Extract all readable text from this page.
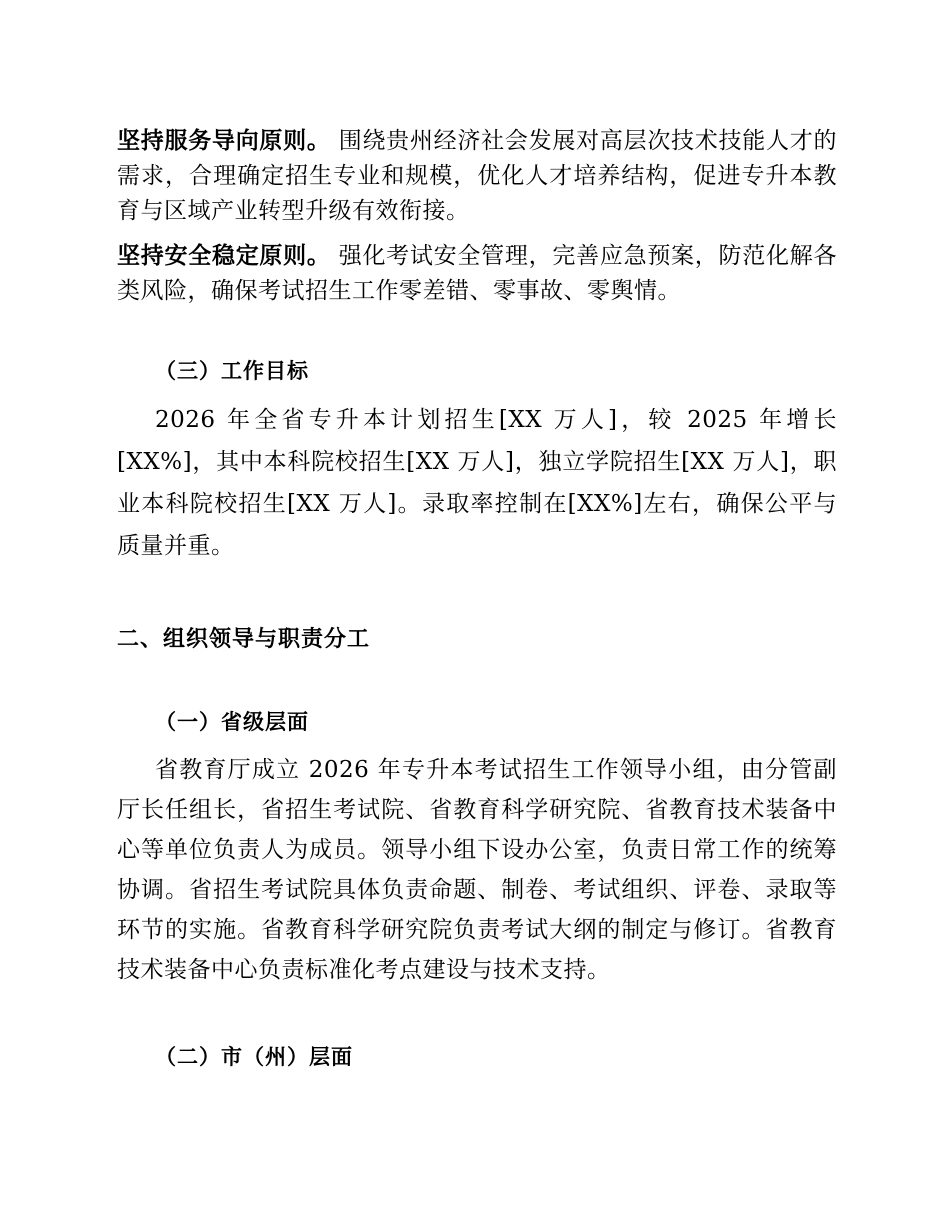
坚持服务导向原则。 围绕贵州经济社会发展对高层次技术技能人才的需求，合理确定招生专业和规模，优化人才培养结构，促进专升本教育与区域产业转型升级有效衔接。

坚持安全稳定原则。 强化考试安全管理，完善应急预案，防范化解各类风险，确保考试招生工作零差错、零事故、零舆情。

（三）工作目标

2026 年全省专升本计划招生[XX 万人]，较 2025 年增长[XX%]，其中本科院校招生[XX 万人]，独立学院招生[XX 万人]，职业本科院校招生[XX 万人]。录取率控制在[XX%]左右，确保公平与质量并重。

二、组织领导与职责分工
（一）省级层面

省教育厅成立 2026 年专升本考试招生工作领导小组，由分管副厅长任组长，省招生考试院、省教育科学研究院、省教育技术装备中心等单位负责人为成员。领导小组下设办公室，负责日常工作的统筹协调。省招生考试院具体负责命题、制卷、考试组织、评卷、录取等环节的实施。省教育科学研究院负责考试大纲的制定与修订。省教育技术装备中心负责标准化考点建设与技术支持。

（二）市（州）层面
